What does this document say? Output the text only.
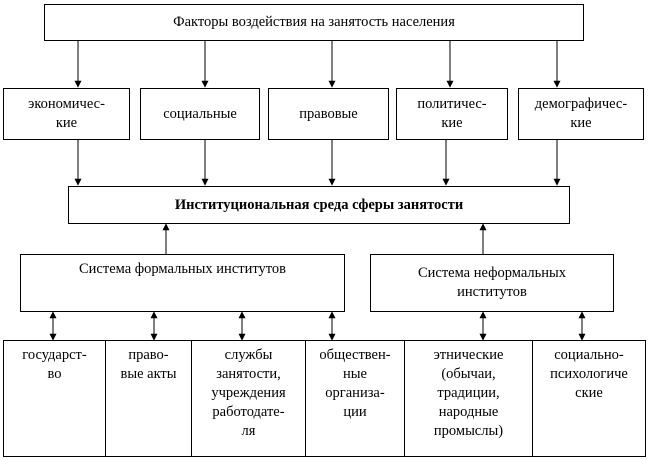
Факторы воздействия на занятость населения
экономичес-
кие
социальные	правовые
политичес-
кие
демографичес-
кие
Институциональная среда сферы занятости
Система формальных институтов	Система неформальных
институтов
государст-
во
право-
вые акты
службы
занятости,
учреждения
работодате-
ля
обществен-
ные
организа-
ции
этнические
(обычаи,
традиции,
народные
промыслы)
социально-
психологиче
ские
